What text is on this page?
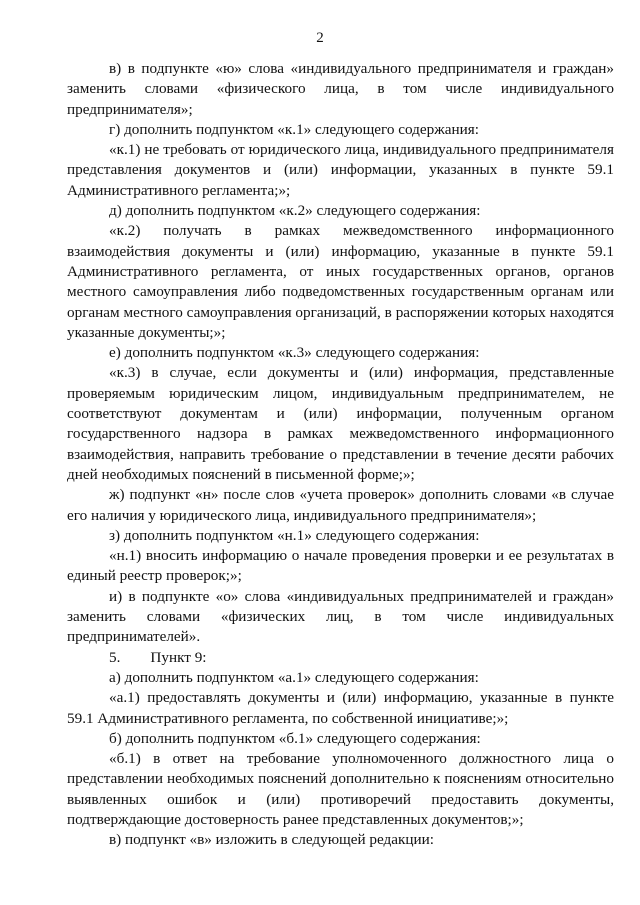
2

в) в подпункте «ю» слова «индивидуального предпринимателя и граждан» заменить словами «физического лица, в том числе индивидуального предпринимателя»;

г) дополнить подпунктом «к.1» следующего содержания:

«к.1) не требовать от юридического лица, индивидуального предпринимателя представления документов и (или) информации, указанных в пункте 59.1 Административного регламента;»;

д) дополнить подпунктом «к.2» следующего содержания:

«к.2) получать в рамках межведомственного информационного взаимодействия документы и (или) информацию, указанные в пункте 59.1 Административного регламента, от иных государственных органов, органов местного самоуправления либо подведомственных государственным органам или органам местного самоуправления организаций, в распоряжении которых находятся указанные документы;»;

е) дополнить подпунктом «к.3» следующего содержания:

«к.3) в случае, если документы и (или) информация, представленные проверяемым юридическим лицом, индивидуальным предпринимателем, не соответствуют документам и (или) информации, полученным органом государственного надзора в рамках межведомственного информационного взаимодействия, направить требование о представлении в течение десяти рабочих дней необходимых пояснений в письменной форме;»;

ж) подпункт «н» после слов «учета проверок» дополнить словами «в случае его наличия у юридического лица, индивидуального предпринимателя»;

з) дополнить подпунктом «н.1» следующего содержания:

«н.1) вносить информацию о начале проведения проверки и ее результатах в единый реестр проверок;»;

и) в подпункте «о» слова «индивидуальных предпринимателей и граждан» заменить словами «физических лиц, в том числе индивидуальных предпринимателей».

5. Пункт 9:

а) дополнить подпунктом «а.1» следующего содержания:

«а.1) предоставлять документы и (или) информацию, указанные в пункте 59.1 Административного регламента, по собственной инициативе;»;

б) дополнить подпунктом «б.1» следующего содержания:

«б.1) в ответ на требование уполномоченного должностного лица о представлении необходимых пояснений дополнительно к пояснениям относительно выявленных ошибок и (или) противоречий предоставить документы, подтверждающие достоверность ранее представленных документов;»;

в) подпункт «в» изложить в следующей редакции:
